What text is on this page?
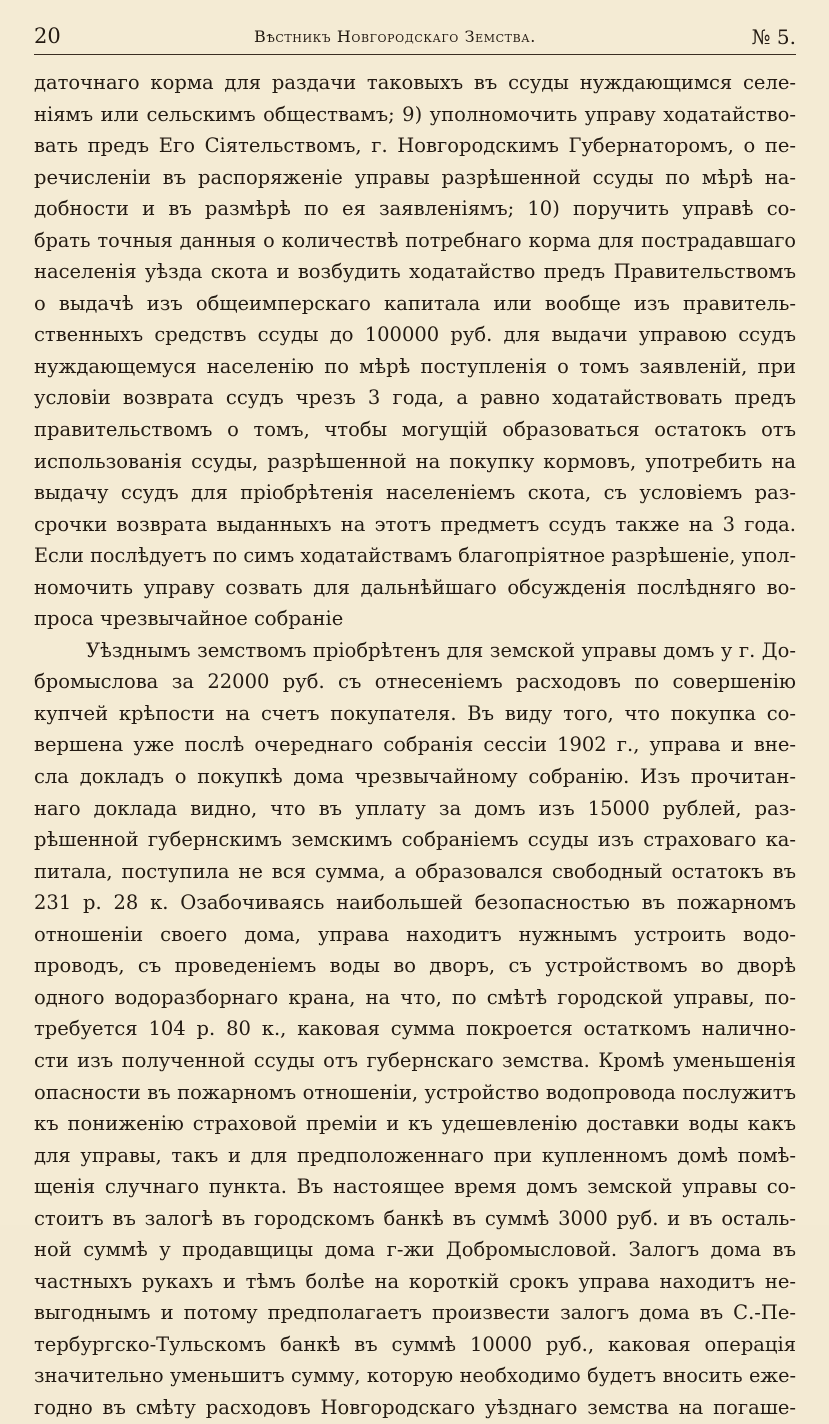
20	Вѣстникъ Новгородскаго Земства.	№ 5.
даточнаго корма для раздачи таковыхъ въ ссуды нуждающимся селе-
ніямъ или сельскимъ обществамъ; 9) уполномочить управу ходатайство-
вать предъ Его Сіятельствомъ, г. Новгородскимъ Губернаторомъ, о пе-
речисленіи въ распоряженіе управы разрѣшенной ссуды по мѣрѣ на-
добности и въ размѣрѣ по ея заявленіямъ; 10) поручить управѣ со-
брать точныя данныя о количествѣ потребнаго корма для пострадавшаго
населенія уѣзда скота и возбудить ходатайство предъ Правительствомъ
о выдачѣ изъ общеимперскаго капитала или вообще изъ правитель-
ственныхъ средствъ ссуды до 100000 руб. для выдачи управою ссудъ
нуждающемуся населенію по мѣрѣ поступленія о томъ заявленій, при
условіи возврата ссудъ чрезъ 3 года, а равно ходатайствовать предъ
правительствомъ о томъ, чтобы могущій образоваться остатокъ отъ
использованія ссуды, разрѣшенной на покупку кормовъ, употребить на
выдачу ссудъ для пріобрѣтенія населеніемъ скота, съ условіемъ раз-
срочки возврата выданныхъ на этотъ предметъ ссудъ также на 3 года.
Если послѣдуетъ по симъ ходатайствамъ благопріятное разрѣшеніе, упол-
номочить управу созвать для дальнѣйшаго обсужденія послѣдняго во-
проса чрезвычайное собраніе
Уѣзднымъ земствомъ пріобрѣтенъ для земской управы домъ у г. До-
бромыслова за 22000 руб. съ отнесеніемъ расходовъ по совершенію
купчей крѣпости на счетъ покупателя. Въ виду того, что покупка со-
вершена уже послѣ очереднаго собранія сессіи 1902 г., управа и вне-
сла докладъ о покупкѣ дома чрезвычайному собранію. Изъ прочитан-
наго доклада видно, что въ уплату за домъ изъ 15000 рублей, раз-
рѣшенной губернскимъ земскимъ собраніемъ ссуды изъ страховаго ка-
питала, поступила не вся сумма, а образовался свободный остатокъ въ
231 р. 28 к. Озабочиваясь наибольшей безопасностью въ пожарномъ
отношеніи своего дома, управа находитъ нужнымъ устроить водо-
проводъ, съ проведеніемъ воды во дворъ, съ устройствомъ во дворѣ
одного водоразборнаго крана, на что, по смѣтѣ городской управы, по-
требуется 104 р. 80 к., каковая сумма покроется остаткомъ налично-
сти изъ полученной ссуды отъ губернскаго земства. Кромѣ уменьшенія
опасности въ пожарномъ отношеніи, устройство водопровода послужитъ
къ пониженію страховой преміи и къ удешевленію доставки воды какъ
для управы, такъ и для предположеннаго при купленномъ домѣ помѣ-
щенія случнаго пункта. Въ настоящее время домъ земской управы со-
стоитъ въ залогѣ въ городскомъ банкѣ въ суммѣ 3000 руб. и въ осталь-
ной суммѣ у продавщицы дома г-жи Добромысловой. Залогъ дома въ
частныхъ рукахъ и тѣмъ болѣе на короткій срокъ управа находитъ не-
выгоднымъ и потому предполагаетъ произвести залогъ дома въ С.-Пе-
тербургско-Тульскомъ банкѣ въ суммѣ 10000 руб., каковая операція
значительно уменьшитъ сумму, которую необходимо будетъ вносить еже-
годно въ смѣту расходовъ Новгородскаго уѣзднаго земства на погаше-
